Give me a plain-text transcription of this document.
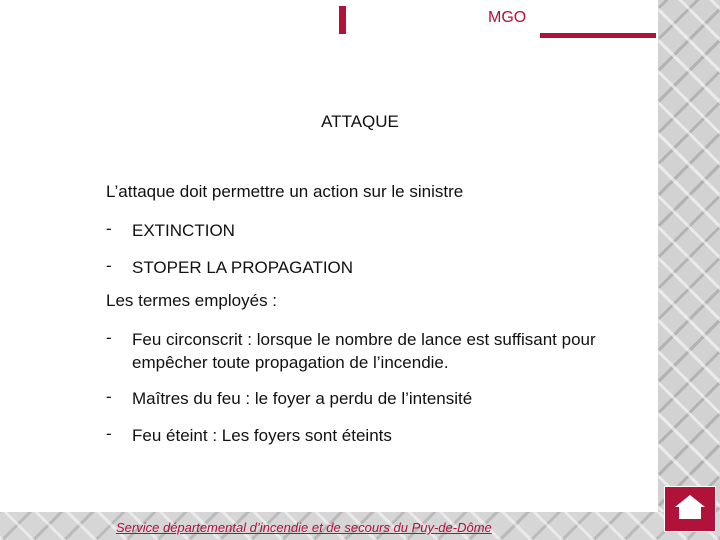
MGO
ATTAQUE
L’attaque doit permettre un action sur le sinistre
- EXTINCTION
- STOPER LA PROPAGATION
Les termes employés :
- Feu circonscrit : lorsque le nombre de lance est suffisant pour empêcher toute propagation de l’incendie.
- Maîtres du feu : le foyer a perdu de l’intensité
- Feu éteint : Les foyers sont éteints
Service départemental d’incendie et de secours du Puy-de-Dôme
